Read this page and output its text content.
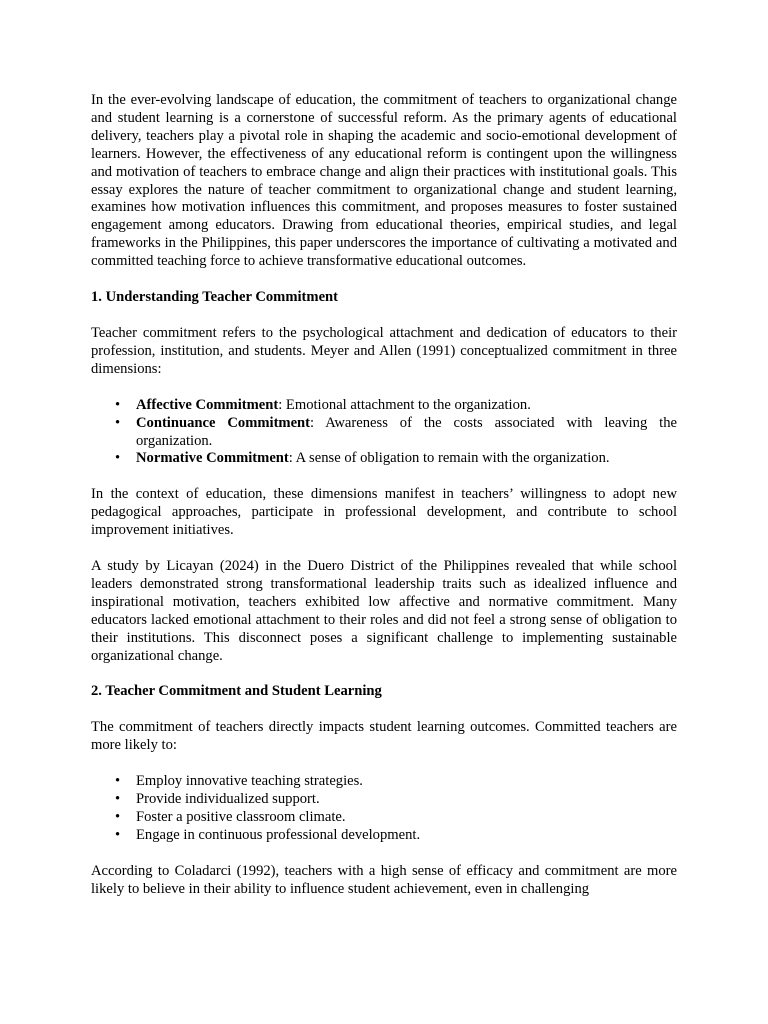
In the ever-evolving landscape of education, the commitment of teachers to organizational change and student learning is a cornerstone of successful reform. As the primary agents of educational delivery, teachers play a pivotal role in shaping the academic and socio-emotional development of learners. However, the effectiveness of any educational reform is contingent upon the willingness and motivation of teachers to embrace change and align their practices with institutional goals. This essay explores the nature of teacher commitment to organizational change and student learning, examines how motivation influences this commitment, and proposes measures to foster sustained engagement among educators. Drawing from educational theories, empirical studies, and legal frameworks in the Philippines, this paper underscores the importance of cultivating a motivated and committed teaching force to achieve transformative educational outcomes.

1. Understanding Teacher Commitment

Teacher commitment refers to the psychological attachment and dedication of educators to their profession, institution, and students. Meyer and Allen (1991) conceptualized commitment in three dimensions:

• Affective Commitment: Emotional attachment to the organization.
• Continuance Commitment: Awareness of the costs associated with leaving the organization.
• Normative Commitment: A sense of obligation to remain with the organization.

In the context of education, these dimensions manifest in teachers’ willingness to adopt new pedagogical approaches, participate in professional development, and contribute to school improvement initiatives.

A study by Licayan (2024) in the Duero District of the Philippines revealed that while school leaders demonstrated strong transformational leadership traits such as idealized influence and inspirational motivation, teachers exhibited low affective and normative commitment. Many educators lacked emotional attachment to their roles and did not feel a strong sense of obligation to their institutions. This disconnect poses a significant challenge to implementing sustainable organizational change.

2. Teacher Commitment and Student Learning

The commitment of teachers directly impacts student learning outcomes. Committed teachers are more likely to:

• Employ innovative teaching strategies.
• Provide individualized support.
• Foster a positive classroom climate.
• Engage in continuous professional development.

According to Coladarci (1992), teachers with a high sense of efficacy and commitment are more likely to believe in their ability to influence student achievement, even in challenging
